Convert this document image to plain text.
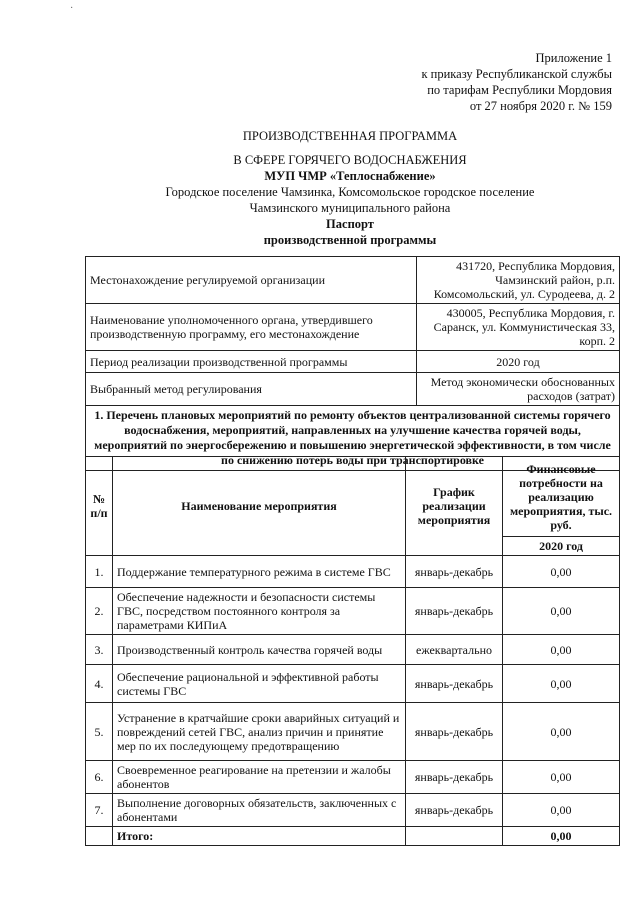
·
Приложение 1
к приказу Республиканской службы
по тарифам Республики Мордовия
от 27 ноября 2020 г. № 159
ПРОИЗВОДСТВЕННАЯ ПРОГРАММА
В СФЕРЕ ГОРЯЧЕГО ВОДОСНАБЖЕНИЯ
МУП ЧМР «Теплоснабжение»
Городское поселение Чамзинка, Комсомольское городское поселение
Чамзинского муниципального района
Паспорт
производственной программы
Местонахождение регулируемой организации	431720, Республика Мордовия,
Чамзинский район, р.п.
Комсомольский, ул. Суродеева, д. 2

Наименование уполномоченного органа, утвердившего производственную программу, его местонахождение	430005, Республика Мордовия, г.
Саранск, ул. Коммунистическая 33,
корп. 2

Период реализации производственной программы	2020 год
Выбранный метод регулирования	Метод экономически обоснованных
расходов (затрат)

1. Перечень плановых мероприятий по ремонту объектов централизованной системы горячего водоснабжения, мероприятий, направленных на улучшение качества горячей воды, мероприятий по энергосбережению и повышению энергетической эффективности, в том числе по снижению потерь воды при транспортировке	
№ п/п	Наименование мероприятия	График реализации мероприятия	Финансовые потребности на реализацию мероприятия, тыс. руб.
			2020 год
1.	Поддержание температурного режима в системе ГВС	январь-декабрь	0,00
2.	Обеспечение надежности и безопасности системы ГВС, посредством постоянного контроля за параметрами КИПиА	январь-декабрь	0,00
3.	Производственный контроль качества горячей воды	ежеквартально	0,00
4.	Обеспечение рациональной и эффективной работы системы ГВС	январь-декабрь	0,00
5.	Устранение в кратчайшие сроки аварийных ситуаций и повреждений сетей ГВС, анализ причин и принятие мер по их последующему предотвращению	январь-декабрь	0,00
6.	Своевременное реагирование на претензии и жалобы абонентов	январь-декабрь	0,00
7.	Выполнение договорных обязательств, заключенных с абонентами	январь-декабрь	0,00
	Итого:		0,00
